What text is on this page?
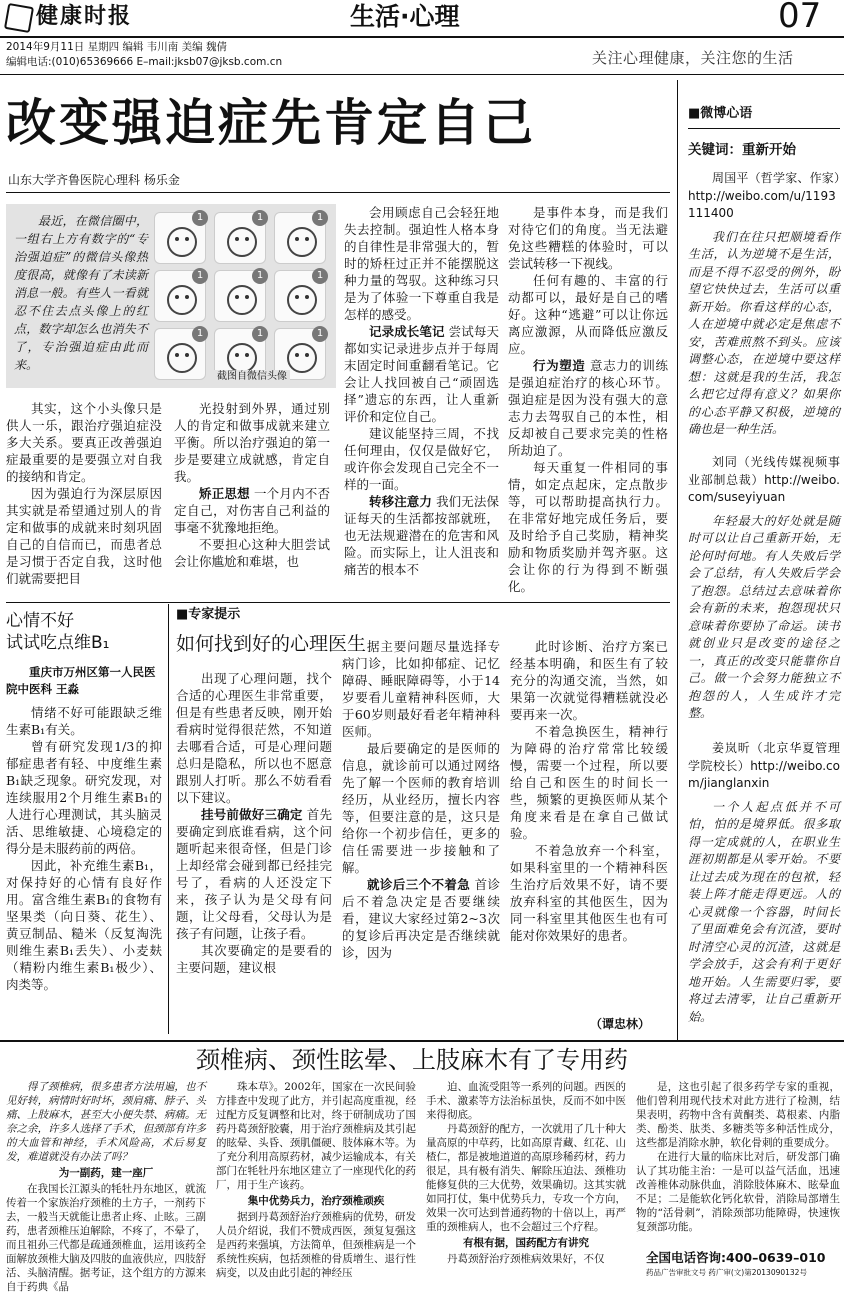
健康时报	生活·心理	07
2014年9月11日 星期四 编辑 韦川南 美编 魏倩
编辑电话:(010)65369666 E–mail:jksb07@jksb.com.cn	关注心理健康，关注您的生活
■微博心语
关键词：重新开始
周国平（哲学家、作家）http://weibo.com/u/1193111400
我们在往只把顺境看作生活，认为逆境不是生活，而是不得不忍受的例外，盼望它快快过去，生活可以重新开始。你看这样的心态，人在逆境中就必定是焦虑不安，苦难煎熬不到头。应该调整心态，在逆境中要这样想：这就是我的生活，我怎么把它过得有意义？如果你的心态平静又积极，逆境的确也是一种生活。
刘同（光线传媒视频事业部制总裁）http://weibo.com/suseyiyuan
年轻最大的好处就是随时可以让自己重新开始，无论何时何地。有人失败后学会了总结，有人失败后学会了抱怨。总结过去意味着你会有新的未来，抱怨现状只意味着你要协了命运。读书就创业只是改变的途径之一，真正的改变只能靠你自己。做一个会努力能独立不抱怨的人，人生成许才完整。
姜岚昕（北京华夏管理学院校长）http://weibo.com/jianglanxin
一个人起点低并不可怕，怕的是境界低。很多取得一定成就的人，在职业生涯初期都是从零开始。不要让过去成为现在的包袱，轻装上阵才能走得更远。人的心灵就像一个容器，时间长了里面难免会有沉渣，要时时清空心灵的沉渣，这就是学会放手，这会有利于更好地开始。人生需要归零，要将过去清零，让自己重新开始。
改变强迫症先肯定自己
山东大学齐鲁医院心理科 杨乐金
最近，在微信圈中，一组右上方有数字的“专治强迫症”的微信头像热度很高，就像有了未读新消息一般。有些人一看就忍不住去点头像上的红点，数字却怎么也消失不了，专治强迫症由此而来。
1	1	1
1	1	1
1	1	1
截图自微信头像

会用顾虑自己会轻狂地失去控制。强迫性人格本身的自律性是非常强大的，暂时的矫枉过正并不能摆脱这种力量的驾驭。这种练习只是为了体验一下尊重自我是怎样的感受。

记录成长笔记 尝试每天都如实记录进步点并于每周末固定时间重翻看笔记。它会让人找回被自己“顽固选择”遗忘的东西，让人重新评价和定位自己。

建议能坚持三周，不找任何理由，仅仅是做好它，或许你会发现自己完全不一样的一面。

转移注意力 我们无法保证每天的生活都按部就班，也无法规避潜在的危害和风险。而实际上，让人沮丧和痛苦的根本不

是事件本身，而是我们对待它们的角度。当无法避免这些糟糕的体验时，可以尝试转移一下视线。

任何有趣的、丰富的行动都可以，最好是自己的嗜好。这种“逃避”可以让你远离应激源，从而降低应激反应。

行为塑造 意志力的训练是强迫症治疗的核心环节。强迫症是因为没有强大的意志力去驾驭自己的本性，相反却被自己要求完美的性格所劫迫了。

每天重复一件相同的事情，如定点起床，定点散步等，可以帮助提高执行力。在非常好地完成任务后，要及时给予自己奖励，精神奖励和物质奖励并驾齐驱。这会让你的行为得到不断强化。

其实，这个小头像只是供人一乐，跟治疗强迫症没多大关系。要真正改善强迫症最重要的是要强立对自我的接纳和肯定。

因为强迫行为深层原因其实就是希望通过别人的肯定和做事的成就来时刻巩固自己的自信而已，而患者总是习惯于否定自我，这时他们就需要把目

光投射到外界，通过别人的肯定和做事成就来建立平衡。所以治疗强迫的第一步是要建立成就感，肯定自我。

矫正思想 一个月内不否定自己，对伤害自己利益的事毫不犹豫地拒绝。

不要担心这种大胆尝试会让你尴尬和难堪，也

心情不好
试试吃点维B₁
重庆市万州区第一人民医院中医科 王淼

情绪不好可能跟缺乏维生素B₁有关。

曾有研究发现1/3的抑郁症患者有轻、中度维生素B₁缺乏现象。研究发现，对连续服用2个月维生素B₁的人进行心理测试，其头脑灵活、思维敏捷、心境稳定的得分是未服药前的两倍。

因此，补充维生素B₁，对保持好的心情有良好作用。富含维生素B₁的食物有坚果类（向日葵、花生）、黄豆制品、糙米（反复淘洗则维生素B₁丢失）、小麦麸（精粉内维生素B₁极少）、肉类等。

■专家提示
如何找到好的心理医生

出现了心理问题，找个合适的心理医生非常重要，但是有些患者反映，刚开始看病时觉得很茫然，不知道去哪看合适，可是心理问题总归是隐私，所以也不愿意跟别人打听。那么不妨看看以下建议。

挂号前做好三确定 首先要确定到底谁看病，这个问题听起来很奇怪，但是门诊上却经常会碰到都已经挂完号了，看病的人还没定下来，孩子认为是父母有问题，让父母看，父母认为是孩子有问题，让孩子看。

其次要确定的是要看的主要问题，建议根

据主要问题尽量选择专病门诊，比如抑郁症、记忆障碍、睡眠障碍等，小于14岁要看儿童精神科医师，大于60岁则最好看老年精神科医师。

最后要确定的是医师的信息，就诊前可以通过网络先了解一个医师的教育培训经历，从业经历，擅长内容等，但要注意的是，这只是给你一个初步信任，更多的信任需要进一步接触和了解。

就诊后三个不着急 首诊后不着急决定是否要继续看，建议大家经过第2~3次的复诊后再决定是否继续就诊，因为

此时诊断、治疗方案已经基本明确，和医生有了较充分的沟通交流，当然，如果第一次就觉得糟糕就没必要再来一次。

不着急换医生，精神行为障碍的治疗常常比较缓慢，需要一个过程，所以要给自己和医生的时间长一些，频繁的更换医师从某个角度来看是在拿自己做试验。

不着急放弃一个科室，如果科室里的一个精神科医生治疗后效果不好，请不要放弃科室的其他医生，因为同一科室里其他医生也有可能对你效果好的患者。

（谭忠林）
颈椎病、颈性眩晕、上肢麻木有了专用药
得了颈椎病，很多患者方法用遍，也不见好转，病情时好时坏，颈肩痛、脖子、头痛、上肢麻木，甚至大小便失禁、病痛。无奈之余，许多人选择了手术，但颈部有许多的大血管和神经，手术风险高，术后易复发，难道就没有办法了吗？
为一副药，建一座厂
在我国长江源头的牦牡丹东地区，就流传着一个家族治疗颈椎的土方子，一剂药下去，一般当天就能让患者止疼、止眩。三副药，患者颈椎压迫解除，不疼了，不晕了，而且祖孙三代都是疏通颈椎血，运用该药全面解放颈椎大脑及四肢的血液供应，四肢舒活、头脑清醒。据考证，这个组方的方源来自于药典《晶
珠本草》。2002年，国家在一次民间验方排查中发现了此方，并引起高度重视，经过配方反复调整和比对，终于研制成功了国药丹葛颈舒胶囊，用于治疗颈椎病及其引起的眩晕、头昏、颈肌僵硬、肢体麻木等。为了充分利用高原药材，减少运输成本，有关部门在牦牡丹东地区建立了一座现代化的药厂，用于生产该药。
集中优势兵力，治疗颈椎顽疾
据到丹葛颈舒治疗颈椎病的优势，研发人员介绍说，我们不赞成西医，颈复复强这是西药来强填，方法简单，但颈椎病是一个系统性疾病，包括颈椎的骨质增生、退行性病变，以及由此引起的神经压
迫、血流受阻等一系列的问题。西医的手术、激素等方法治标虽快，反而不如中医来得彻底。
丹葛颈舒的配方，一次就用了几十种大量高原的中草药，比如高原青藏、红花、山楂仁，都是被地道道的高原珍稀药材，药力很足，具有极有消失、解除压迫法、颈椎功能修复供的三大优势，效果确切。这其实就如同打仗，集中优势兵力，专攻一个方向，效果一次可达到普通药物的十倍以上，再严重的颈椎病人，也不会超过三个疗程。
有根有据，国药配方有讲究
丹葛颈舒治疗颈椎病效果好，不仅
是，这也引起了很多药学专家的重视，他们曾利用现代技术对此方进行了检测，结果表明，药物中含有黄酮类、葛根素、内脂类、酚类、肽类、多糖类等多种活性成分，这些都是消除水肿，软化骨刺的重要成分。
在进行大量的临床比对后，研发部门确认了其功能主治：一是可以益气活血，迅速改善椎体动脉供血，消除肢体麻木、眩晕血不足；二是能软化钙化软骨，消除局部增生物的“活骨刺”，消除颈部功能障碍，快速恢复颈部功能。
全国电话咨询:400–0639–010
药品广告审批文号 药广审(文)第2013090132号
